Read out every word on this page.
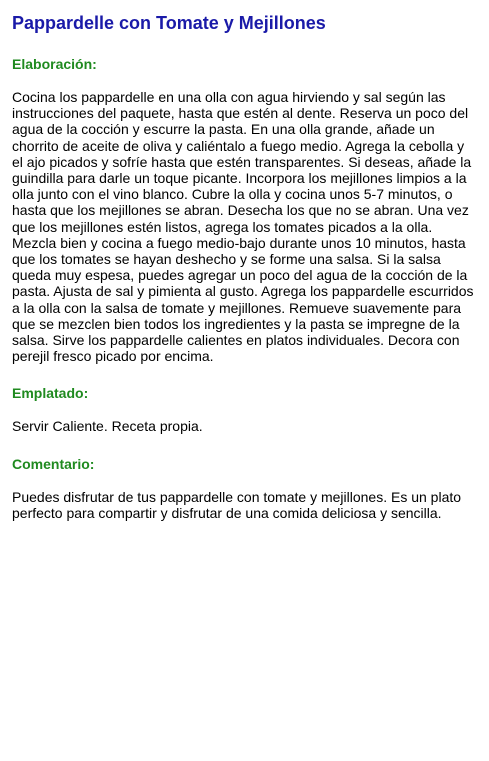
Pappardelle con Tomate y Mejillones
Elaboración:

Cocina los pappardelle en una olla con agua hirviendo y sal según las instrucciones del paquete, hasta que estén al dente. Reserva un poco del agua de la cocción y escurre la pasta. En una olla grande, añade un chorrito de aceite de oliva y caliéntalo a fuego medio. Agrega la cebolla y el ajo picados y sofríe hasta que estén transparentes. Si deseas, añade la guindilla para darle un toque picante. Incorpora los mejillones limpios a la olla junto con el vino blanco. Cubre la olla y cocina unos 5-7 minutos, o hasta que los mejillones se abran. Desecha los que no se abran. Una vez que los mejillones estén listos, agrega los tomates picados a la olla. Mezcla bien y cocina a fuego medio-bajo durante unos 10 minutos, hasta que los tomates se hayan deshecho y se forme una salsa. Si la salsa queda muy espesa, puedes agregar un poco del agua de la cocción de la pasta. Ajusta de sal y pimienta al gusto. Agrega los pappardelle escurridos a la olla con la salsa de tomate y mejillones. Remueve suavemente para que se mezclen bien todos los ingredientes y la pasta se impregne de la salsa. Sirve los pappardelle calientes en platos individuales. Decora con perejil fresco picado por encima.

Emplatado:

Servir Caliente. Receta propia.

Comentario:

Puedes disfrutar de tus pappardelle con tomate y mejillones. Es un plato perfecto para compartir y disfrutar de una comida deliciosa y sencilla.
